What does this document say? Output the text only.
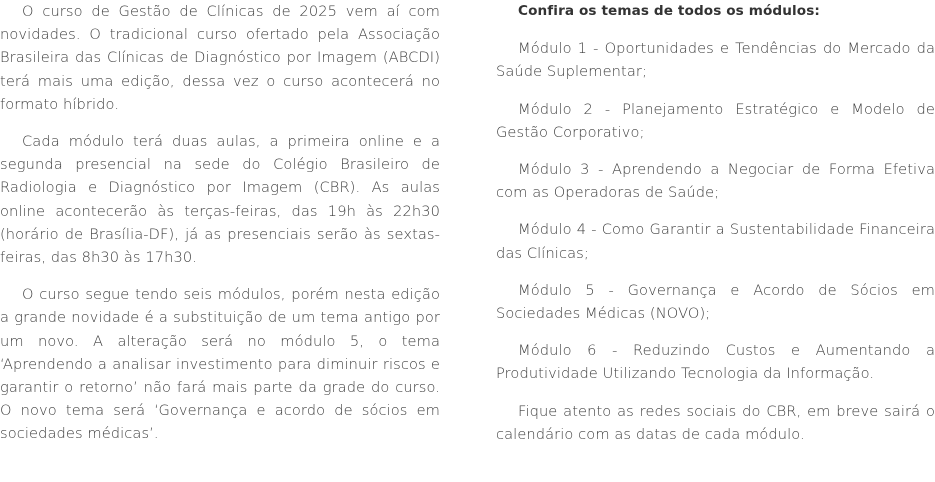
O curso de Gestão de Clínicas de 2025 vem aí com novidades. O tradicional curso ofertado pela Associação Brasileira das Clínicas de Diagnóstico por Imagem (ABCDI) terá mais uma edição, dessa vez o curso acontecerá no formato híbrido.

Cada módulo terá duas aulas, a primeira online e a segunda presencial na sede do Colégio Brasileiro de Radiologia e Diagnóstico por Imagem (CBR). As aulas online acontecerão às terças-feiras, das 19h às 22h30 (horário de Brasília-DF), já as presenciais serão às sextas-feiras, das 8h30 às 17h30.

O curso segue tendo seis módulos, porém nesta edição a grande novidade é a substituição de um tema antigo por um novo. A alteração será no módulo 5, o tema ‘Aprendendo a analisar investimento para diminuir riscos e garantir o retorno’ não fará mais parte da grade do curso. O novo tema será ‘Governança e acordo de sócios em sociedades médicas’.

Confira os temas de todos os módulos:

Módulo 1 - Oportunidades e Tendências do Mercado da Saúde Suplementar;

Módulo 2 - Planejamento Estratégico e Modelo de Gestão Corporativo;

Módulo 3 - Aprendendo a Negociar de Forma Efetiva com as Operadoras de Saúde;

Módulo 4 - Como Garantir a Sustentabilidade Financeira das Clínicas;

Módulo 5 - Governança e Acordo de Sócios em Sociedades Médicas (NOVO);

Módulo 6 - Reduzindo Custos e Aumentando a Produtividade Utilizando Tecnologia da Informação.

Fique atento as redes sociais do CBR, em breve sairá o calendário com as datas de cada módulo.
